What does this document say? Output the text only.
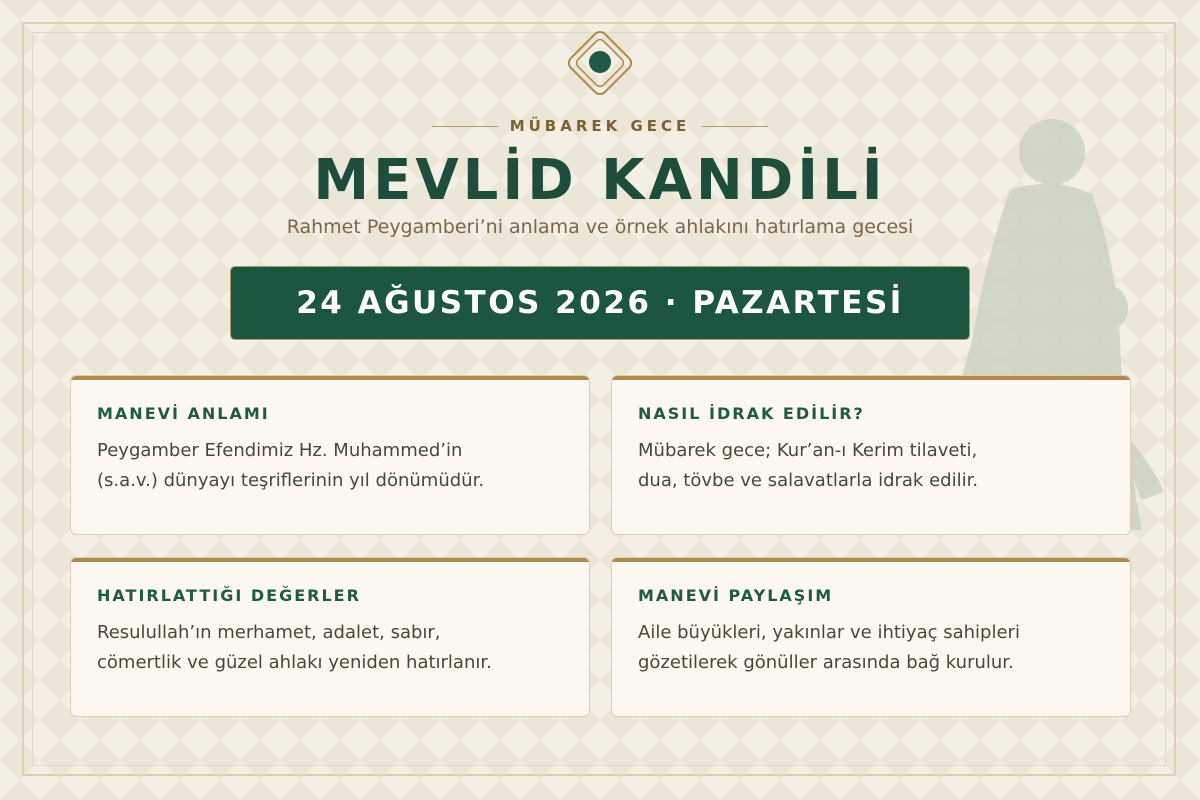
MÜBAREK GECE
MEVLİD KANDİLİ
Rahmet Peygamberi’ni anlama ve örnek ahlakını hatırlama gecesi
24 AĞUSTOS 2026 · PAZARTESİ
MANEVİ ANLAMI
Peygamber Efendimiz Hz. Muhammed’in
(s.a.v.) dünyayı teşriflerinin yıl dönümüdür.
NASIL İDRAK EDİLİR?
Mübarek gece; Kur’an-ı Kerim tilaveti,
dua, tövbe ve salavatlarla idrak edilir.
HATIRLATTIĞI DEĞERLER
Resulullah’ın merhamet, adalet, sabır,
cömertlik ve güzel ahlakı yeniden hatırlanır.
MANEVİ PAYLAŞIM
Aile büyükleri, yakınlar ve ihtiyaç sahipleri
gözetilerek gönüller arasında bağ kurulur.
